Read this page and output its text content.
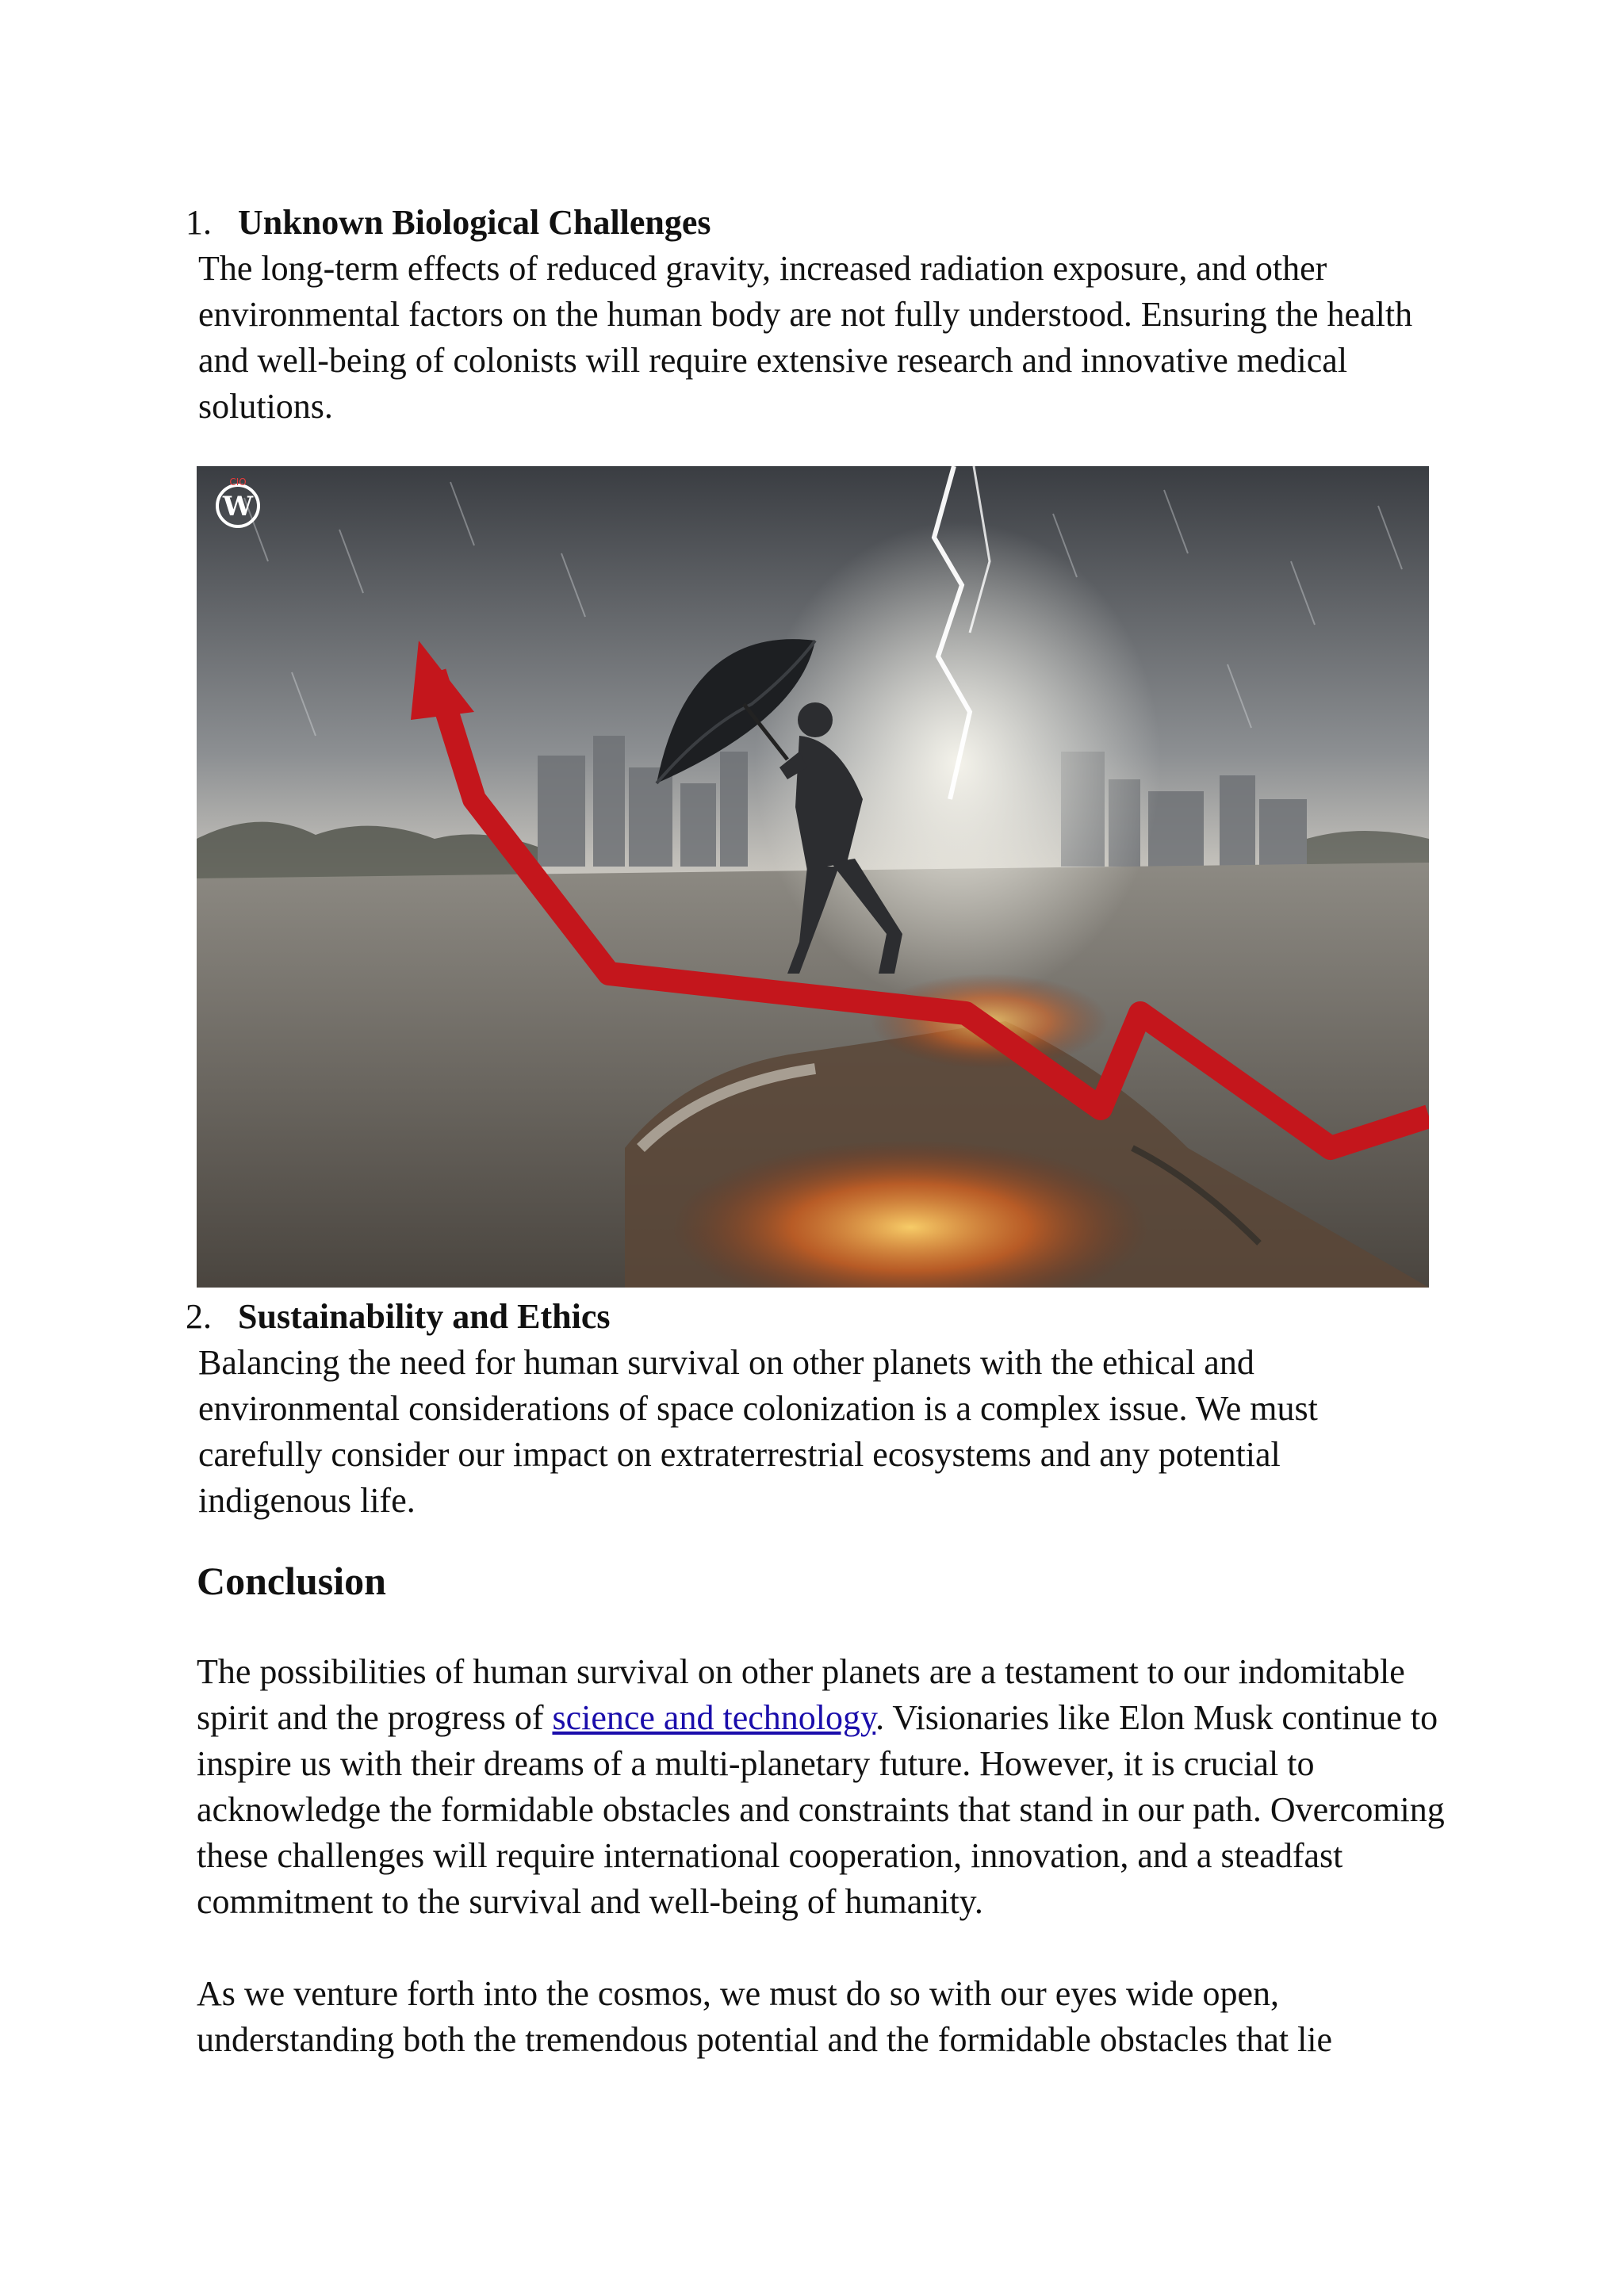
1. Unknown Biological Challenges

The long-term effects of reduced gravity, increased radiation exposure, and other environmental factors on the human body are not fully understood. Ensuring the health and well-being of colonists will require extensive research and innovative medical solutions.

W
CIO
2. Sustainability and Ethics

Balancing the need for human survival on other planets with the ethical and environmental considerations of space colonization is a complex issue. We must carefully consider our impact on extraterrestrial ecosystems and any potential indigenous life.

Conclusion

The possibilities of human survival on other planets are a testament to our indomitable spirit and the progress of science and technology. Visionaries like Elon Musk continue to inspire us with their dreams of a multi-planetary future. However, it is crucial to acknowledge the formidable obstacles and constraints that stand in our path. Overcoming these challenges will require international cooperation, innovation, and a steadfast commitment to the survival and well-being of humanity.

As we venture forth into the cosmos, we must do so with our eyes wide open, understanding both the tremendous potential and the formidable obstacles that lie
